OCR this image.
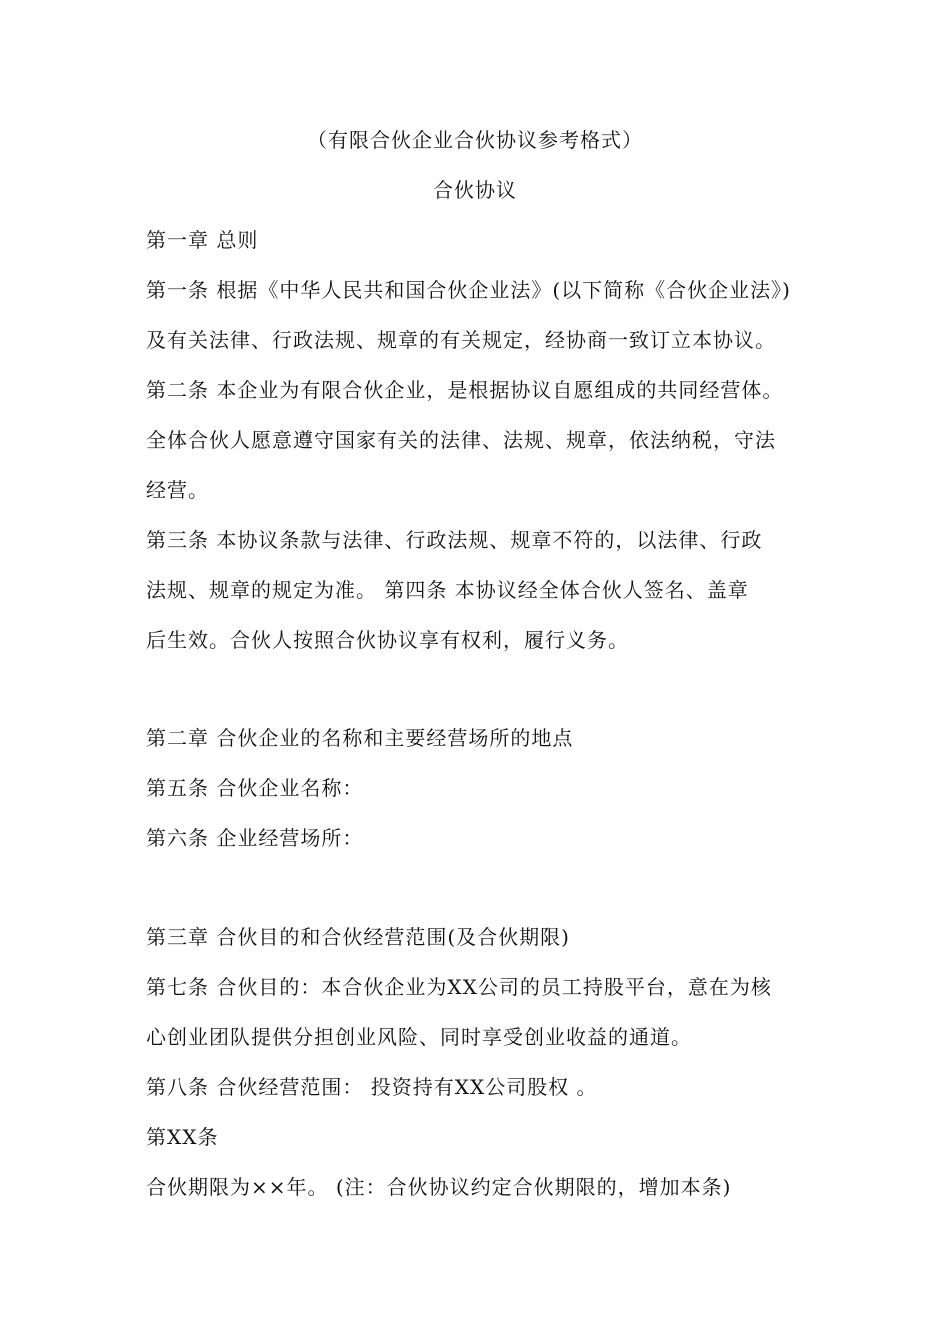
（有限合伙企业合伙协议参考格式）
合伙协议
第一章 总则
第一条 根据《中华人民共和国合伙企业法》(以下简称《合伙企业法》)
及有关法律、行政法规、规章的有关规定，经协商一致订立本协议。
第二条 本企业为有限合伙企业，是根据协议自愿组成的共同经营体。
全体合伙人愿意遵守国家有关的法律、法规、规章，依法纳税，守法
经营。
第三条 本协议条款与法律、行政法规、规章不符的，以法律、行政
法规、规章的规定为准。 第四条 本协议经全体合伙人签名、盖章
后生效。合伙人按照合伙协议享有权利，履行义务。
第二章 合伙企业的名称和主要经营场所的地点
第五条 合伙企业名称：
第六条 企业经营场所：
第三章 合伙目的和合伙经营范围(及合伙期限)
第七条 合伙目的：本合伙企业为XX公司的员工持股平台，意在为核
心创业团队提供分担创业风险、同时享受创业收益的通道。
第八条 合伙经营范围： 投资持有XX公司股权 。
第XX条
合伙期限为××年。 (注：合伙协议约定合伙期限的，增加本条)
